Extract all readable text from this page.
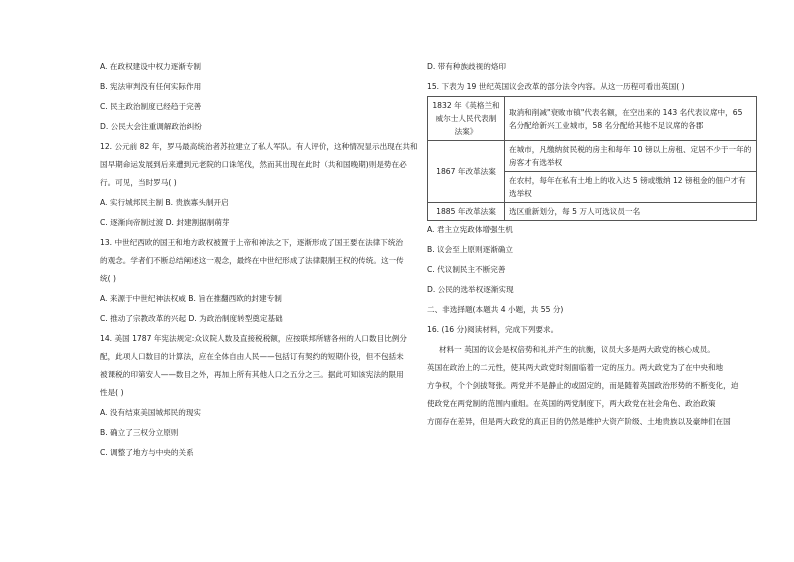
A. 在政权建设中权力逐渐专制
B. 宪法审判没有任何实际作用
C. 民主政治制度已经趋于完善
D. 公民大会注重调解政治纠纷
12. 公元前 82 年，罗马最高统治者苏拉建立了私人军队。有人评价，这种情况显示出现在共和
国早期命运发展到后来遭到元老院的口诛笔伐，然而其出现在此时（共和国晚期)则是势在必
行。可见，当时罗马( )
A. 实行城邦民主制 B. 贵族寡头制开启
C. 逐渐向帝制过渡 D. 封建割据制萌芽
13. 中世纪西欧的国王和地方政权被置于上帝和神法之下，逐渐形成了国王要在法律下统治
的观念。学者们不断总结阐述这一观念，最终在中世纪形成了法律限制王权的传统。这一传
统( )
A. 来源于中世纪神法权威 B. 旨在推翻西欧的封建专制
C. 推动了宗教改革的兴起 D. 为政治制度转型奠定基础
14. 美国 1787 年宪法规定:众议院人数及直接税税额，应按联邦所辖各州的人口数目比例分
配，此项人口数目的计算法，应在全体自由人民——包括订有契约的短期仆役，但不包括未
被课税的印第安人——数目之外，再加上所有其他人口之五分之三。据此可知该宪法的限用
性是( )
A. 没有结束美国城邦民的现实
B. 确立了三权分立原则
C. 调整了地方与中央的关系
D. 带有种族歧视的烙印
15. 下表为 19 世纪英国议会改革的部分法令内容。从这一历程可看出英国( )
1832 年《英格兰和威尔士人民代表制法案》	取消和削减"衰败市镇"代表名额，在空出来的 143 名代表议席中，65 名分配给新兴工业城市，58 名分配给其他不足议席的各郡
1867 年改革法案	在城市，凡缴纳贫民税的房主和每年 10 镑以上房租、定居不少于一年的房客才有选举权
	在农村，每年在私有土地上的收入达 5 镑或缴纳 12 镑租金的佃户才有选举权
1885 年改革法案	选区重新划分，每 5 万人可选议员一名
A. 君主立宪政体增强生机
B. 议会至上原则逐渐确立
C. 代议制民主不断完善
D. 公民的选举权逐渐实现
二、非选择题(本题共 4 小题，共 55 分)
16. (16 分)阅读材料，完成下列要求。
材料一 英国的议会是权倍势和礼并产生的抗衡，议员大多是两大政党的核心成员。
英国在政治上的二元性，使其两大政党时刻面临着一定的压力。两大政党为了在中央和地
方争权，个个剑拔弩张。两党并不是静止的或固定的，而是随着英国政治形势的不断变化，迫
使政党在两党制的范围内重组。在英国的两党制度下，两大政党在社会角色、政治政策
方面存在差异，但是两大政党的真正目的仍然是维护大资产阶级、土地贵族以及豪绅们在国
